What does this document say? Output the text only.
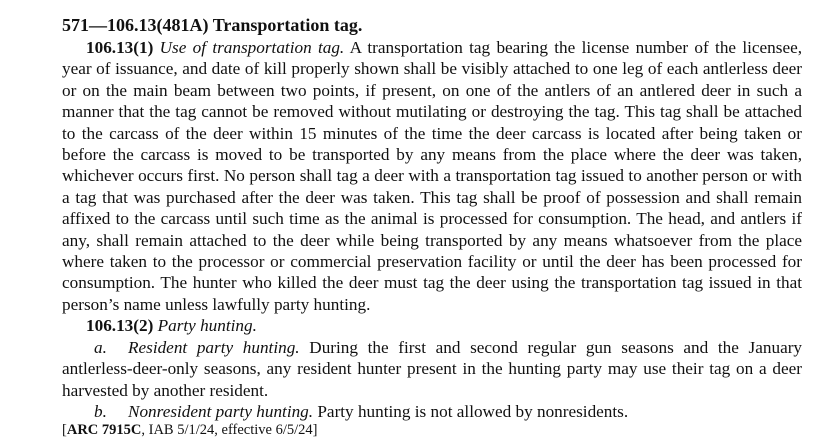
571—106.13(481A) Transportation tag.

106.13(1) Use of transportation tag. A transportation tag bearing the license number of the licensee, year of issuance, and date of kill properly shown shall be visibly attached to one leg of each antlerless deer or on the main beam between two points, if present, on one of the antlers of an antlered deer in such a manner that the tag cannot be removed without mutilating or destroying the tag. This tag shall be attached to the carcass of the deer within 15 minutes of the time the deer carcass is located after being taken or before the carcass is moved to be transported by any means from the place where the deer was taken, whichever occurs first. No person shall tag a deer with a transportation tag issued to another person or with a tag that was purchased after the deer was taken. This tag shall be proof of possession and shall remain affixed to the carcass until such time as the animal is processed for consumption. The head, and antlers if any, shall remain attached to the deer while being transported by any means whatsoever from the place where taken to the processor or commercial preservation facility or until the deer has been processed for consumption. The hunter who killed the deer must tag the deer using the transportation tag issued in that person’s name unless lawfully party hunting.

106.13(2) Party hunting.

a. Resident party hunting. During the first and second regular gun seasons and the January antlerless-deer-only seasons, any resident hunter present in the hunting party may use their tag on a deer harvested by another resident.

b. Nonresident party hunting. Party hunting is not allowed by nonresidents.

[ARC 7915C, IAB 5/1/24, effective 6/5/24]
